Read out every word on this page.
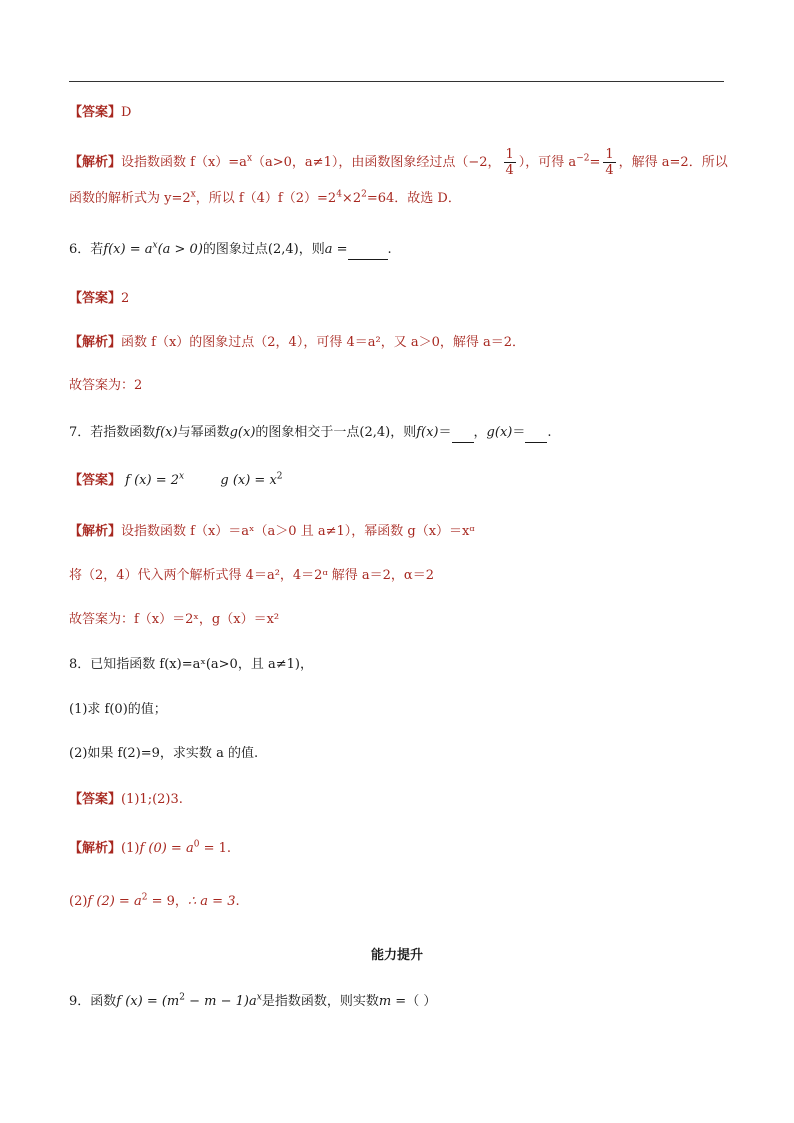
【答案】D
【解析】设指数函数 $f(x)=a^x(a>0$，a≠1），由函数图象经过点（−2， $\frac{1}{4}$ ），可得 $a^{-2}= \frac{1}{4}$ ，解得 a=2．所以
函数的解析式为 $y=2^x$，所以 $f(4)f(2)=2^4\times 2^2=64$．故选 D．
6．若$f(x) = a^x(a > 0)$的图象过点(2,4)，则a =	.
【答案】2
【解析】函数 f（x）的图象过点（2，4），可得 4＝a²，又 a＞0，解得 a＝2．
故答案为：2
7．若指数函数f(x)与幂函数g(x)的图象相交于一点(2,4)，则f(x)＝ ，g(x)＝ .
【答案】 f $(x) = 2^x$	g $(x) = x^2$
【解析】设指数函数 f（x）＝aˣ（a＞0 且 a≠1），幂函数 g（x）＝xᵅ
将（2，4）代入两个解析式得 4＝a²，4＝2ᵅ 解得 a＝2，α＝2
故答案为：f（x）＝2ˣ，g（x）＝x²
8．已知指函数 f(x)=aˣ(a>0，且 a≠1)，
(1)求 f(0)的值；
(2)如果 f(2)=9，求实数 a 的值.
【答案】(1)1;(2)3.
【解析】(1)f $(0) = a^0 = 1$.
(2)f $(2) = a^2 = 9$，∴ a = 3.
能力提升
9．函数f $(x) = (m^2 - m - 1)a^x$是指数函数，则实数m =（ ）
